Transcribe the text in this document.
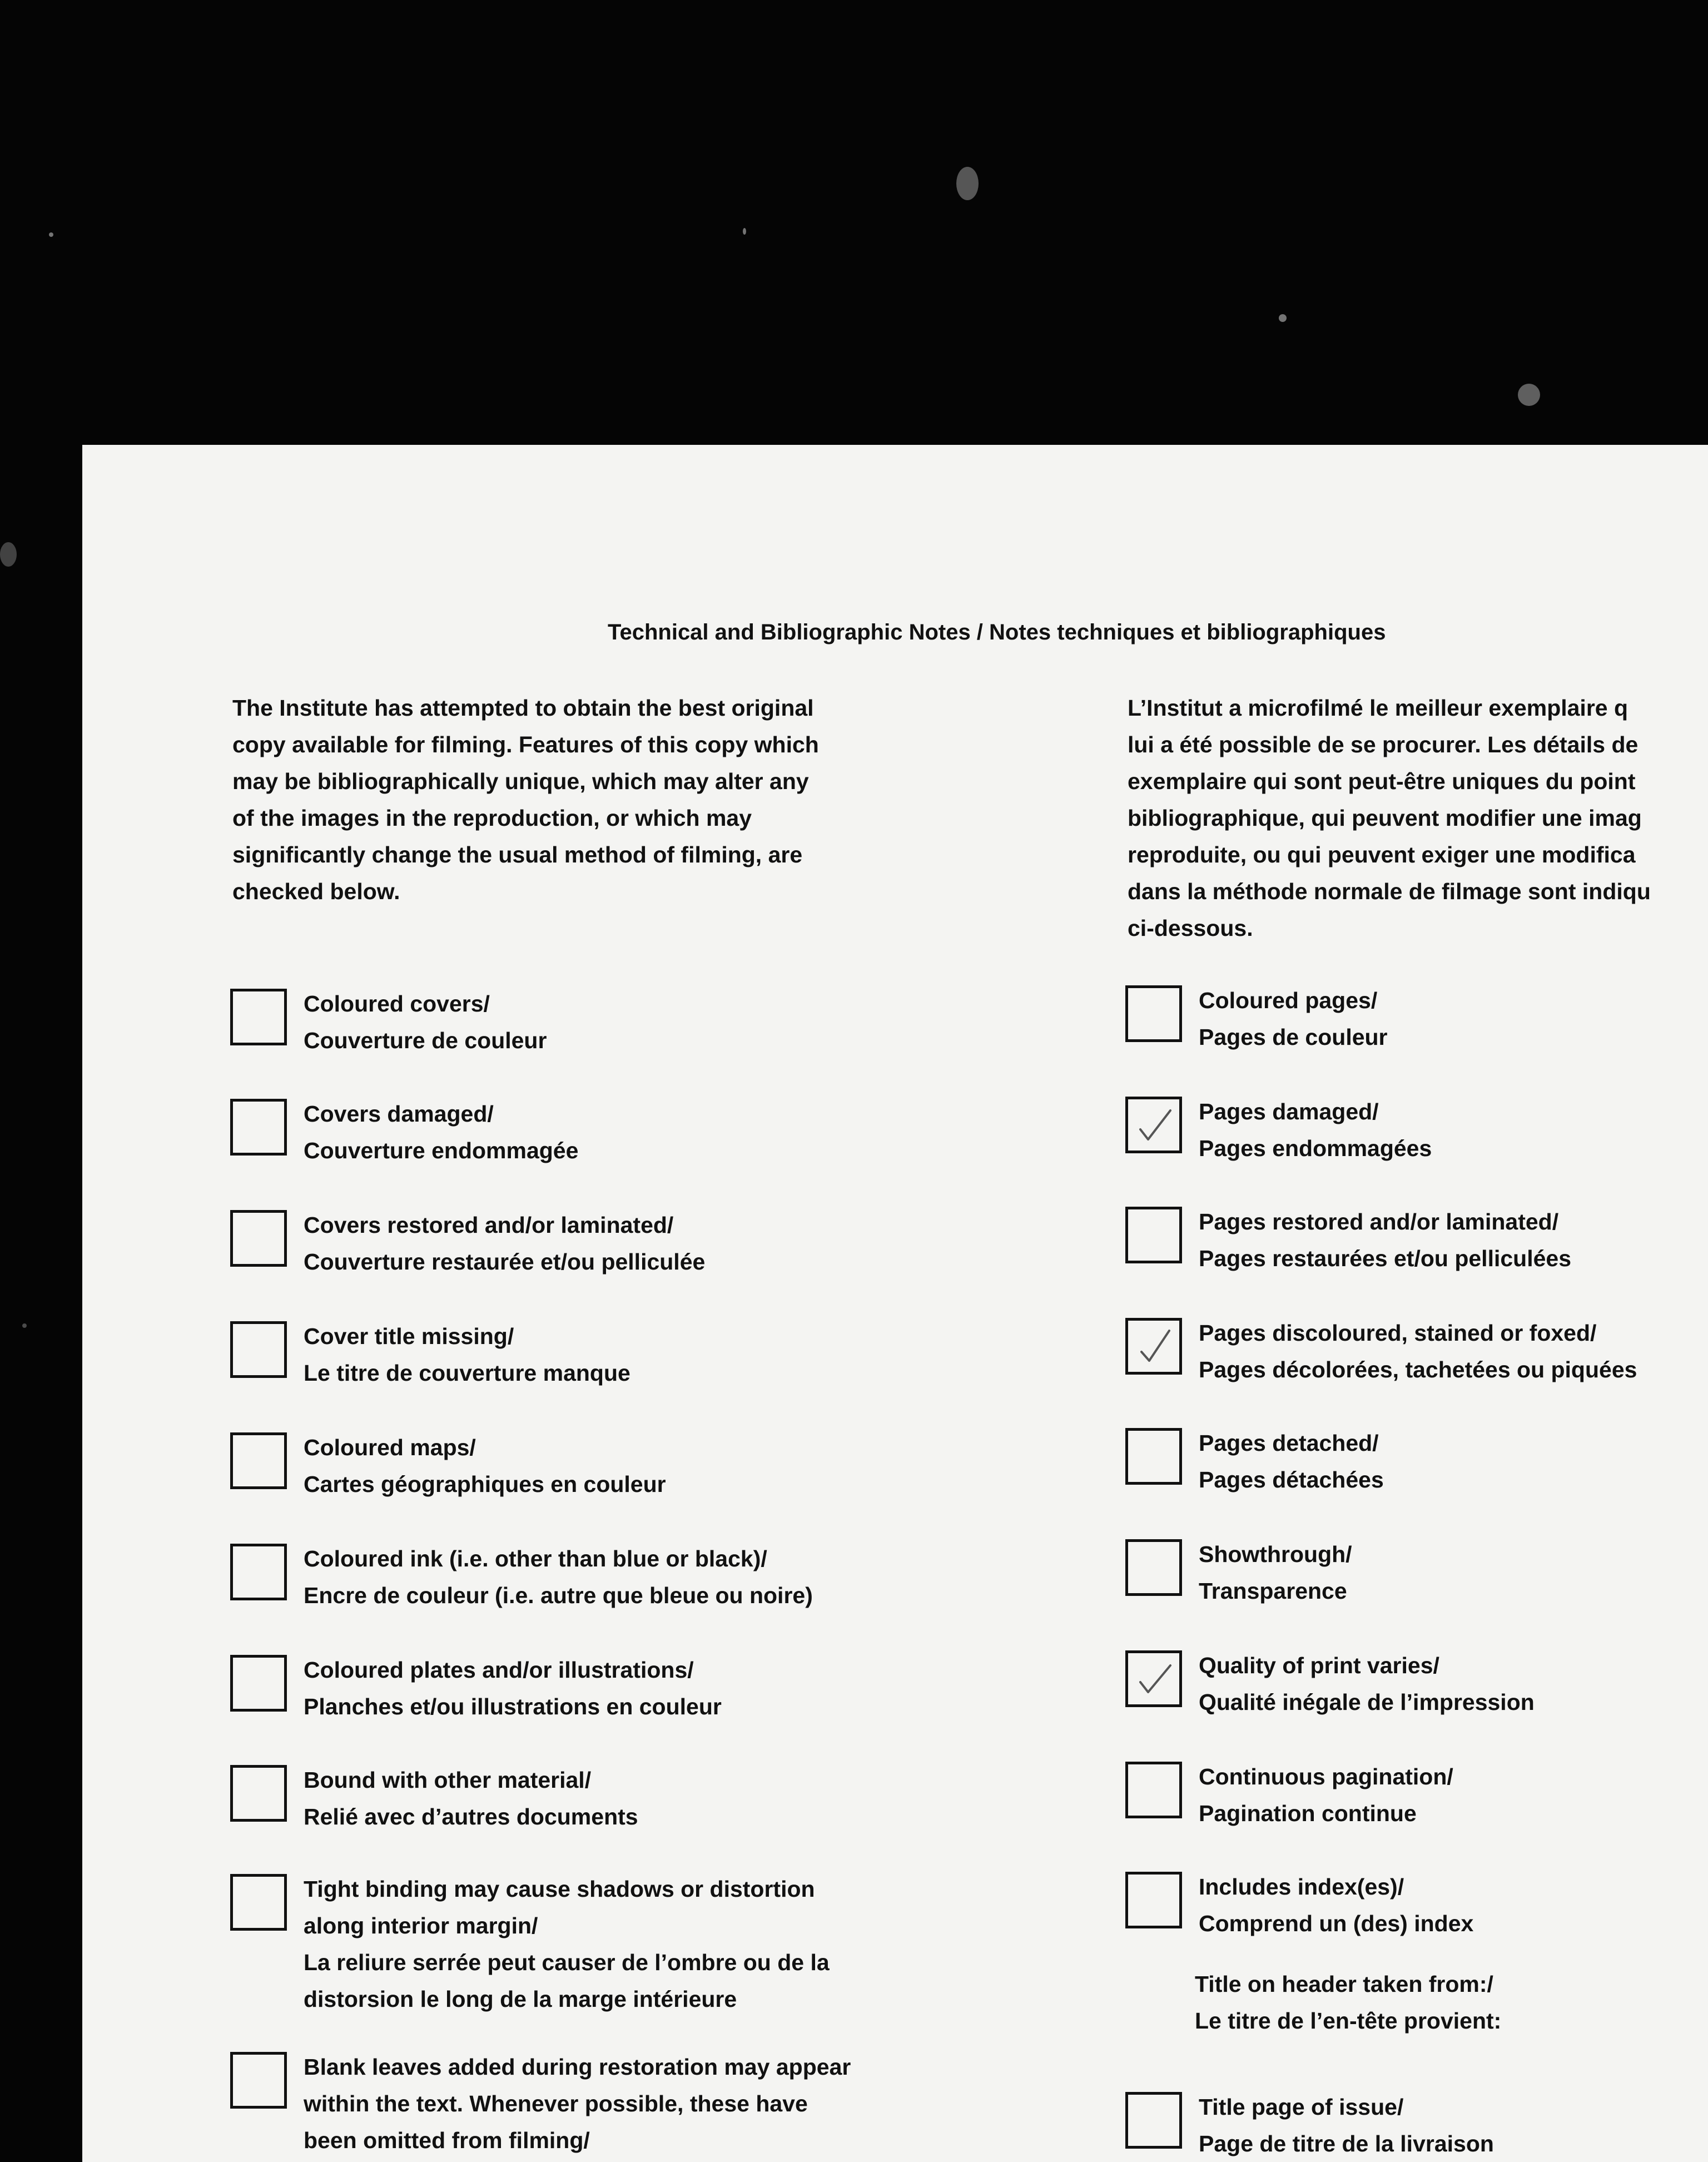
Technical and Bibliographic Notes / Notes techniques et bibliographiques
The Institute has attempted to obtain the best original
copy available for filming. Features of this copy which
may be bibliographically unique, which may alter any
of the images in the reproduction, or which may
significantly change the usual method of filming, are
checked below.
L’Institut a microfilmé le meilleur exemplaire q
lui a été possible de se procurer. Les détails de
exemplaire qui sont peut-être uniques du point
bibliographique, qui peuvent modifier une imag
reproduite, ou qui peuvent exiger une modifica
dans la méthode normale de filmage sont indiqu
ci-dessous.
Coloured covers/
Couverture de couleur
Covers damaged/
Couverture endommagée
Covers restored and/or laminated/
Couverture restaurée et/ou pelliculée
Cover title missing/
Le titre de couverture manque
Coloured maps/
Cartes géographiques en couleur
Coloured ink (i.e. other than blue or black)/
Encre de couleur (i.e. autre que bleue ou noire)
Coloured plates and/or illustrations/
Planches et/ou illustrations en couleur
Bound with other material/
Relié avec d’autres documents
Tight binding may cause shadows or distortion
along interior margin/
La reliure serrée peut causer de l’ombre ou de la
distorsion le long de la marge intérieure
Blank leaves added during restoration may appear
within the text. Whenever possible, these have
been omitted from filming/
Coloured pages/
Pages de couleur
Pages damaged/
Pages endommagées
Pages restored and/or laminated/
Pages restaurées et/ou pelliculées
Pages discoloured, stained or foxed/
Pages décolorées, tachetées ou piquées
Pages detached/
Pages détachées
Showthrough/
Transparence
Quality of print varies/
Qualité inégale de l’impression
Continuous pagination/
Pagination continue
Includes index(es)/
Comprend un (des) index
Title on header taken from:/
Le titre de l’en-tête provient:
Title page of issue/
Page de titre de la livraison
